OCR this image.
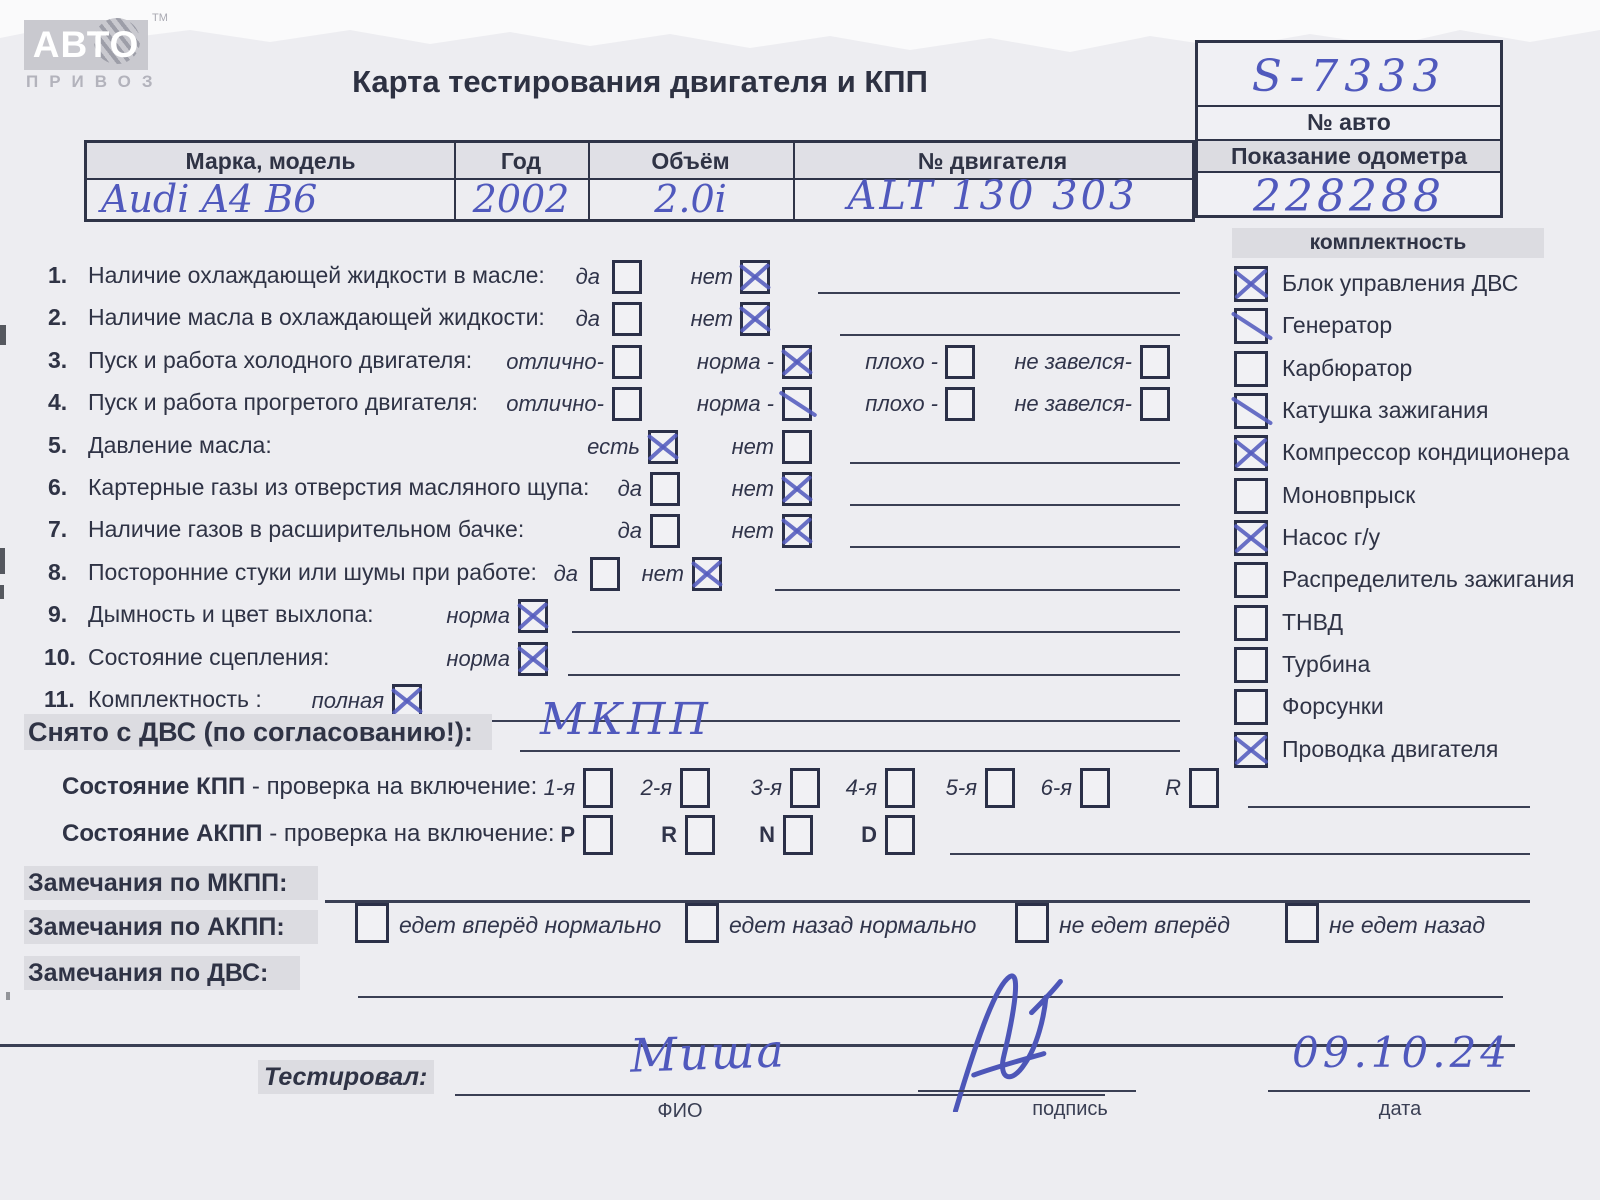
АВТО
ТМ
ПРИВОЗ	Карта тестирования двигателя и КПП
Марка, модель	Год	Объём	№ двигателя
Audi A4 B6	2002	2.0i	ALT 130 303
S-7333
№ авто
Показание одометра
228288
комплектность
Блок управления ДВС
Генератор
Карбюратор
Катушка зажигания
Компрессор кондиционера
Моновпрыск
Насос г/у
Распределитель зажигания
ТНВД
Турбина
Форсунки
Проводка двигателя
1. Наличие охлаждающей жидкости в масле:	да	нет
2. Наличие масла в охлаждающей жидкости:	да	нет
3. Пуск и работа холодного двигателя:	отлично-	норма -	плохо -	не завелся-
4. Пуск и работа прогретого двигателя:	отлично-	норма -	плохо -	не завелся-
5. Давление масла:	есть	нет
6. Картерные газы из отверстия масляного щупа:	да	нет
7. Наличие газов в расширительном бачке:	да	нет
8. Посторонние стуки или шумы при работе: да	нет
9. Дымность и цвет выхлопа:	норма
10. Состояние сцепления:	норма
11. Комплектность :	полная
Снято с ДВС (по согласованию!):	МКПП
Состояние КПП - проверка на включение: 1-я	2-я	3-я	4-я	5-я	6-я	R
Состояние АКПП - проверка на включение: P	R	N	D
Замечания по МКПП:
Замечания по АКПП:	едет вперёд нормально	едет назад нормально	не едет вперёд	не едет назад
Замечания по ДВС:
Тестировал:	Миша
ФИО	подпись
09.10.24
дата
